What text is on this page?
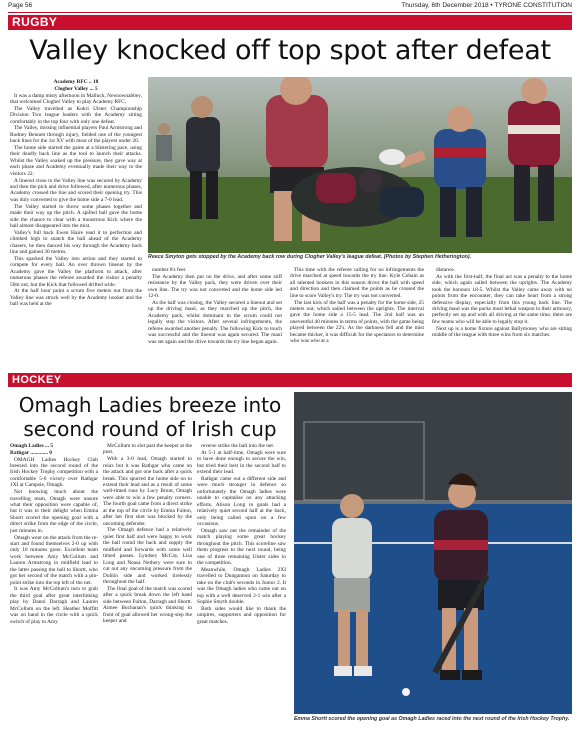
Page 56	Thursday, 6th December 2018 • TYRONE CONSTITUTION
RUGBY
Valley knocked off top spot after defeat
Reece Smyton gets stopped by the Academy back row during Clogher Valley's league defeat. (Photos by Stephen Hetherington).

Academy RFC .. 18

Clogher Valley ... 5

It was a damp misty afternoon in Malluck, Newtownabbey, that welcomed Clogher Valley to play Academy RFC.

The Valley travelled as Kukri Ulster Championship Division Two league leaders with the Academy sitting comfortably in the top four with only one defeat.

The Valley, missing influential players Paul Armstrong and Rodney Bennett through injury, fielded one of the youngest back lines for the 1st XV with most of the players under 20.

The home side started the game at a blistering pace, using their deadly back line as the tool to launch their attacks. Whilst the Valley soaked up the pressure, they gave way at each phase and Academy eventually made their way to the visitors 22.

A lineout close to the Valley line was secured by Academy and then the pick and drive followed, after numerous phases, Academy crossed the line and scored their opening try. This was duly converted to give the home side a 7-0 lead.

The Valley started to throw some phases together and made their way up the pitch. A spilled ball gave the home side the chance to clear with a monstrous Kick where the ball almost disappeared into the mist.

Valley's full back Ewen Haire read it to perfection and climbed high to snatch the ball ahead of the Academy chasers, he then danced his way through the Academy back line and gained 30 metres.

This sparked the Valley into action and they started to compete for every ball. An over thrown lineout by the Academy gave the Valley the platform to attack, after numerous phases the referee awarded the visitor a penalty 50m out, but the Kick that followed drifted wide.

At the half hour point a scrum five meters out from the Valley line was struck well by the Academy hooker and the ball was held at the

number 8's feet.

The Academy then put on the drive, and after some stiff resistance by the Valley pack, they were driven over their own line. The try was not converted and the home side led 12-0.

As the half was closing, the Valley secured a lineout and set up the driving maul, as they marched up the pitch, the Academy pack, whilst dominant in the scrum could not legally stop the visitors. After several infringements, the referee awarded another penalty. The following Kick to touch was successful and the lineout was again secured. The maul was set again and the drive towards the try line began again.

This time with the referee calling for no infringements the drive marched at speed towards the try line. Kyle Cobain as all talented hookers in this season drove the ball with speed and direction and then claimed the points as he crossed the line to score Valley's try. The try was not converted.

The last kick of the half was a penalty for the home side, 25 meters out, which sailed between the uprights. The interval gave the home side a 15-5 lead. The 2nd half was an uneventful 40 minutes in terms of points, with the game being played between the 22's. As the darkness fell and the mist became thicker, it was difficult for the spectators to determine who was who at a

distance.

As with the first-half, the final act was a penalty to the home side, which again sailed between the uprights. The Academy took the honours 18-5. Whilst the Valley came away with no points from the encounter, they can take heart from a strong defensive display, especially from this young back line. The driving maul was the packs most lethal weapon in their armoury, perfectly set up and with all driving at the same time, there are few teams who will be able to legally stop it.

Next up is a home fixture against Ballymoney who are sitting middle of the league with three wins from six matches.

HOCKEY
Omagh Ladies breeze into second round of Irish cup

Omagh Ladies ... 5

Rathgar ............. 0

OMAGH Ladies Hockey Club breezed into the second round of the Irish Hockey Trophy competition with a comfortable 5-0 victory over Rathgar 1XI at Campsie, Omagh.

Not knowing much about the travelling team, Omagh were unsure what their opposition were capable of, but it was to their delight when Emma Shortt scored the opening goal with a direct strike from the edge of the circle, just minutes in.

Omagh went on the attack from the re-start and found themselves 2-0 up with only 10 minutes gone. Excellent team work between Amy McCollum and Lauren Armstrong in midfield lead to the latter passing the ball to Shortt, who got her second of the match with a pin-point strike into the top left of the net.

It was Amy McCollum's turn to grab the third goal after great interlinking play by Danni Darragh and Lauren McCollum on the left. Heather Moffitt was on hand in the circle with a quick switch of play to Amy

McCollum to slot past the keeper at the post.

With a 3-0 lead, Omagh started to relax but it was Rathgar who came on the attack and got one back after a quick break. This spurred the home side on to extend their lead and as a result of some well-timed runs by Lucy Brunt, Omagh were able to win a few penalty corners. The fourth goal came from a direct strike at the top of the circle by Emma Fulton, after her first shot was blocked by the oncoming defender.

The Omagh defence had a relatively quiet first half and were happy to work the ball round the back and supply the midfield and forwards with some well timed passes. Lyndsey McCay, Lisa Long and Neasa Nethery were sure to cut out any oncoming pressure from the Dublin side and worked tirelessly throughout the half.

The final goal of the match was scored after a quick break down the left hand side between Fulton, Darragh and Shortt. Aimee Buchanan's quick thinking in front of goal allowed her wrong-step the keeper and

reverse strike the ball into the net.

At 5-1 at half-time, Omagh were sure to have done enough to secure the win, but tried their best in the second half to extend their lead.

Rathgar came out a different side and were much stronger in defence so unfortunately the Omagh ladies were unable to capitalise on any attacking efforts. Alison Long in goals had a relatively quiet second half at the back, only being called upon on a few occasions.

Omagh saw out the remainder of the match playing some great hockey throughout the pitch. This scoreline saw them progress to the next round, being one of three remaining Ulster sides in the competition.

Meanwhile, Omagh Ladies 2XI travelled to Dungannon on Saturday to take on the club's seconds in Junior 2. It was the Omagh ladies who came out on top with a well deserved 2-1 win after a Sophie Smyth double.

Both sides would like to thank the umpires, supporters and opposition for great matches.

Emma Shortt scored the opening goal as Omagh Ladies raced into the next round of the Irish Hockey Trophy.
